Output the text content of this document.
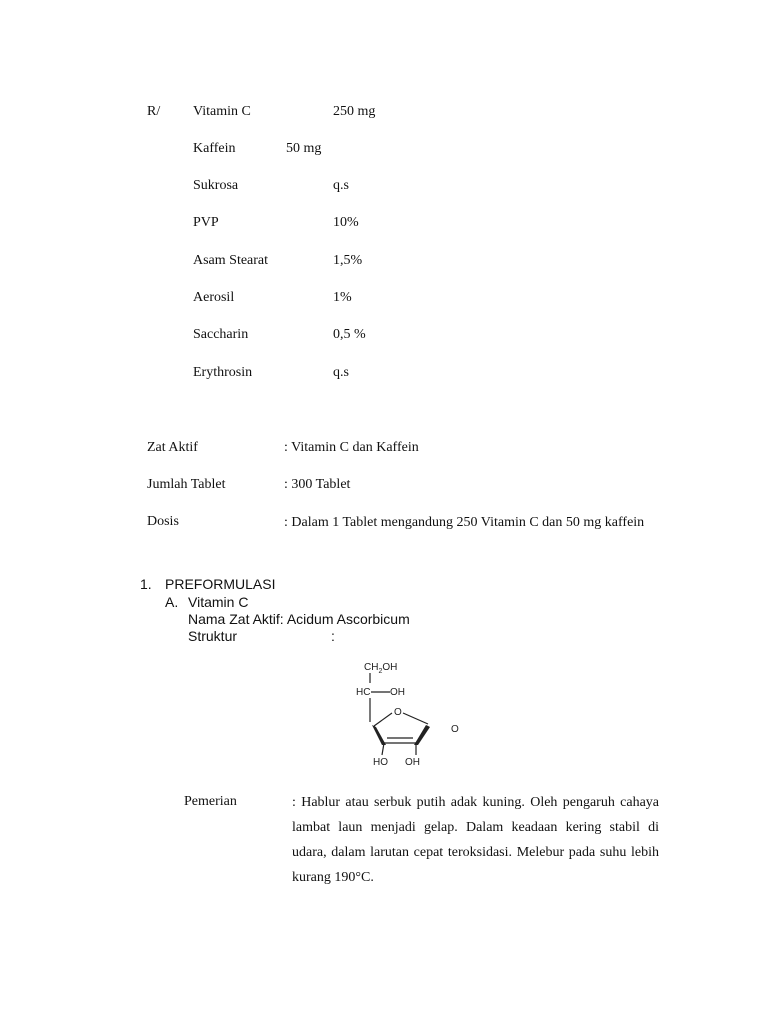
R/ Vitamin C	250 mg
Kaffein	50 mg
Sukrosa	q.s
PVP	10%
Asam Stearat	1,5%
Aerosil	1%
Saccharin	0,5 %
Erythrosin	q.s
Zat Aktif	: Vitamin C dan Kaffein
Jumlah Tablet	: 300 Tablet
Dosis	: Dalam 1 Tablet mengandung 250 Vitamin C dan 50 mg kaffein
1. PREFORMULASI
A. Vitamin C
Nama Zat Aktif: Acidum Ascorbicum
Struktur	:
$CH_2OH$
HC OH
O
O
HO OH
Pemerian	: Hablur atau serbuk putih adak kuning. Oleh pengaruh cahaya lambat laun menjadi gelap. Dalam keadaan kering stabil di udara, dalam larutan cepat teroksidasi. Melebur pada suhu lebih kurang 190°C.
